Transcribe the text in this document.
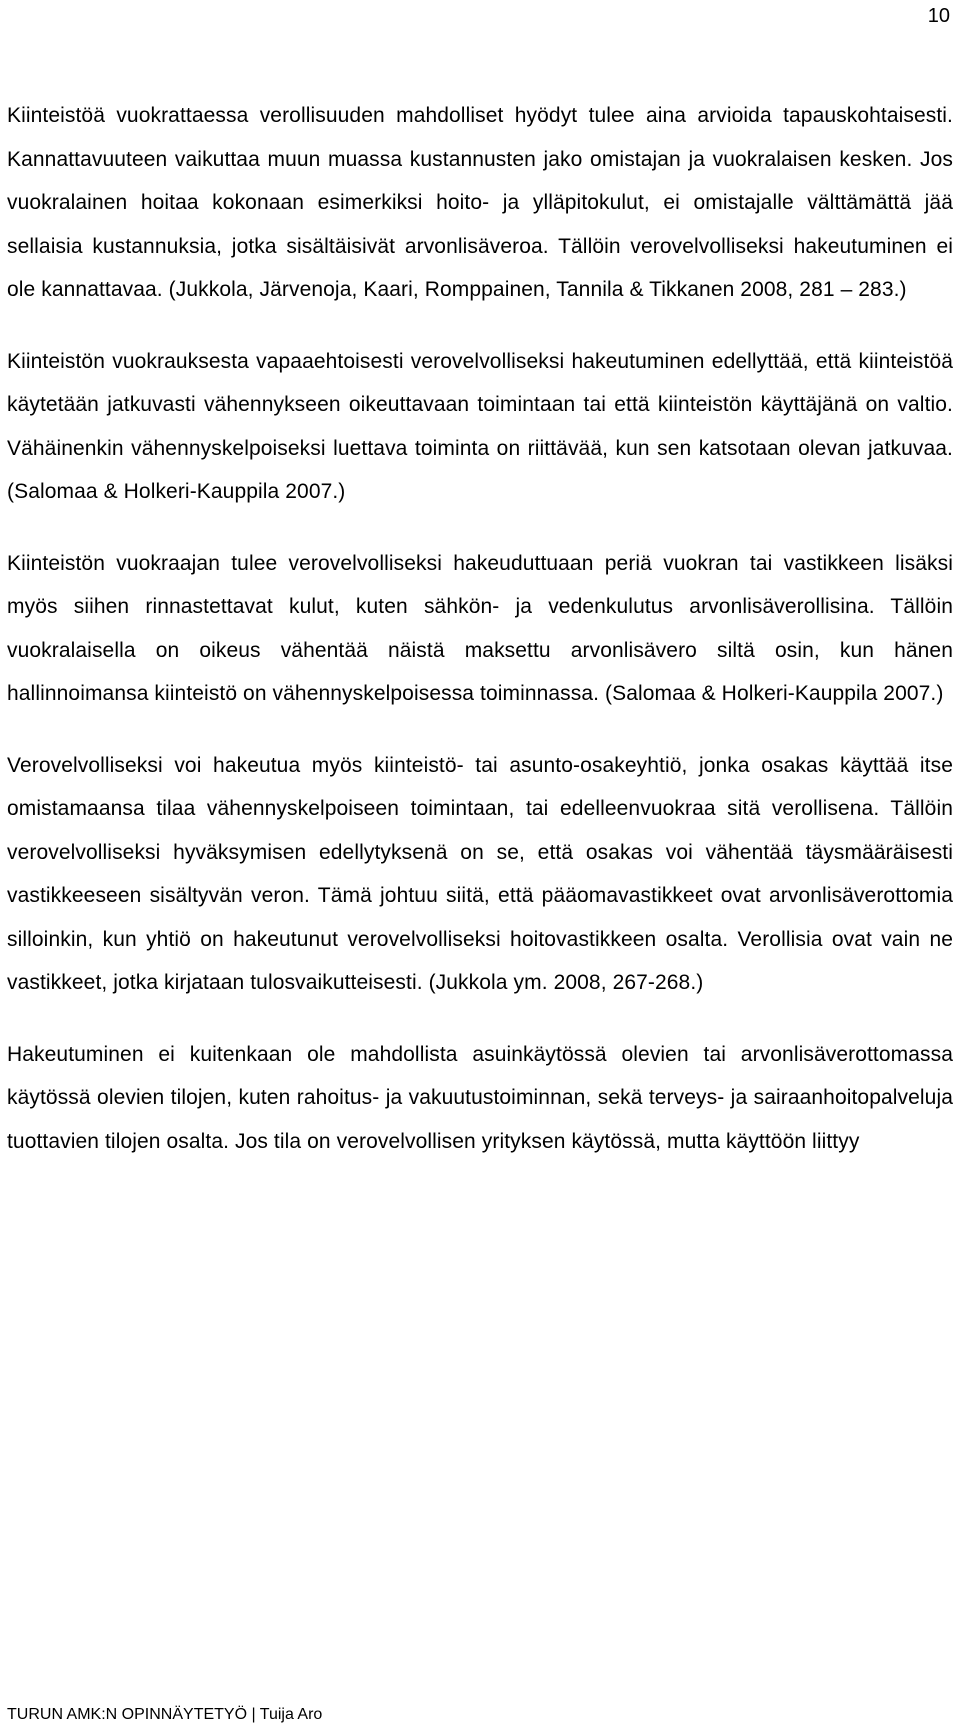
10

Kiinteistöä vuokrattaessa verollisuuden mahdolliset hyödyt tulee aina arvioida tapauskohtaisesti. Kannattavuuteen vaikuttaa muun muassa kustannusten jako omistajan ja vuokralaisen kesken. Jos vuokralainen hoitaa kokonaan esimerkiksi hoito- ja ylläpitokulut, ei omistajalle välttämättä jää sellaisia kustannuksia, jotka sisältäisivät arvonlisäveroa. Tällöin verovelvolliseksi hakeutuminen ei ole kannattavaa. (Jukkola, Järvenoja, Kaari, Romppainen, Tannila & Tikkanen 2008, 281 – 283.)

Kiinteistön vuokrauksesta vapaaehtoisesti verovelvolliseksi hakeutuminen edellyttää, että kiinteistöä käytetään jatkuvasti vähennykseen oikeuttavaan toimintaan tai että kiinteistön käyttäjänä on valtio. Vähäinenkin vähennyskelpoiseksi luettava toiminta on riittävää, kun sen katsotaan olevan jatkuvaa. (Salomaa & Holkeri-Kauppila 2007.)

Kiinteistön vuokraajan tulee verovelvolliseksi hakeuduttuaan periä vuokran tai vastikkeen lisäksi myös siihen rinnastettavat kulut, kuten sähkön- ja vedenkulutus arvonlisäverollisina. Tällöin vuokralaisella on oikeus vähentää näistä maksettu arvonlisävero siltä osin, kun hänen hallinnoimansa kiinteistö on vähennyskelpoisessa toiminnassa. (Salomaa & Holkeri-Kauppila 2007.)

Verovelvolliseksi voi hakeutua myös kiinteistö- tai asunto-osakeyhtiö, jonka osakas käyttää itse omistamaansa tilaa vähennyskelpoiseen toimintaan, tai edelleenvuokraa sitä verollisena. Tällöin verovelvolliseksi hyväksymisen edellytyksenä on se, että osakas voi vähentää täysmääräisesti vastikkeeseen sisältyvän veron. Tämä johtuu siitä, että pääomavastikkeet ovat arvonlisäverottomia silloinkin, kun yhtiö on hakeutunut verovelvolliseksi hoitovastikkeen osalta. Verollisia ovat vain ne vastikkeet, jotka kirjataan tulosvaikutteisesti. (Jukkola ym. 2008, 267-268.)

Hakeutuminen ei kuitenkaan ole mahdollista asuinkäytössä olevien tai arvonlisäverottomassa käytössä olevien tilojen, kuten rahoitus- ja vakuutustoiminnan, sekä terveys- ja sairaanhoitopalveluja tuottavien tilojen osalta. Jos tila on verovelvollisen yrityksen käytössä, mutta käyttöön liittyy

TURUN AMK:N OPINNÄYTETYÖ | Tuija Aro
